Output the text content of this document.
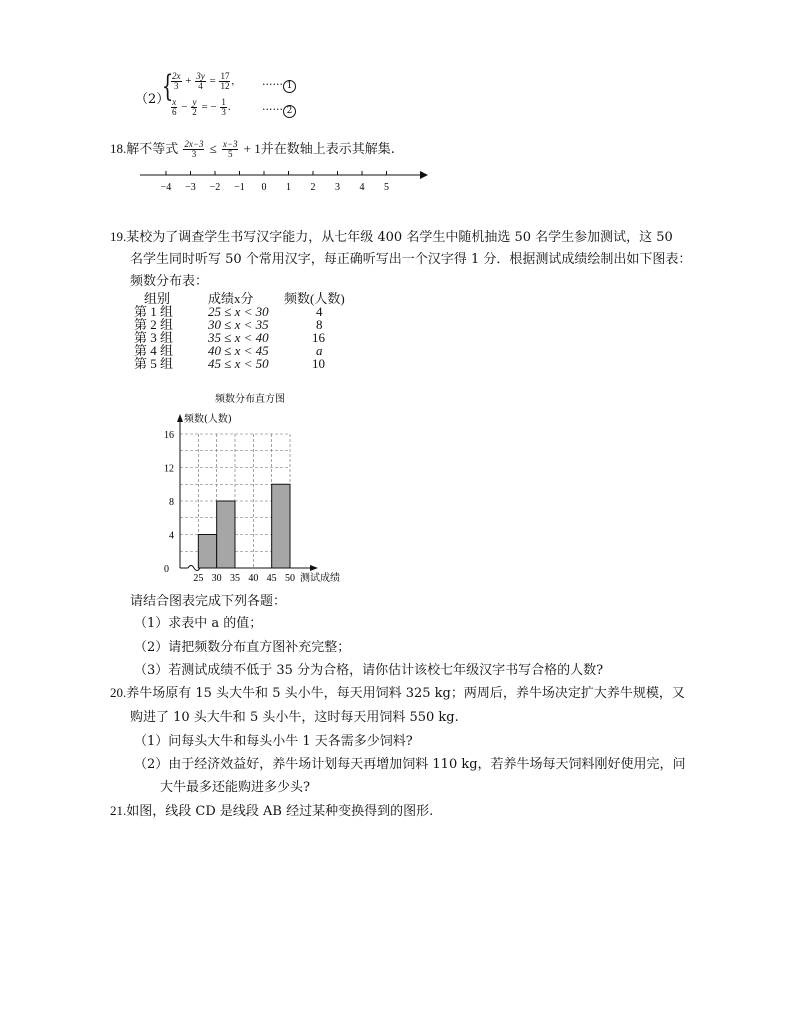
（2）
{
$\frac{2x}{3} + \frac{3y}{4} = \frac{17}{12}$ ,	······ 1
$\frac{x}{6} - \frac{y}{2}$ = − $\frac{1}{3}$ .	······ 2
18.解不等式 $\frac{2x-3}{3} \le \frac{x-3}{5} + 1$并在数轴上表示其解集.
−4 −3 −2 −1 0 1 2 3 4 5
19.某校为了调查学生书写汉字能力，从七年级 400 名学生中随机抽选 50 名学生参加测试，这 50
名学生同时听写 50 个常用汉字，每正确听写出一个汉字得 1 分．根据测试成绩绘制出如下图表：
频数分布表：
组别	成绩x分	频数(人数)
第 1 组	25 ≤ x < 30	4
第 2 组	30 ≤ x < 35	8
第 3 组	35 ≤ x < 40	16
第 4 组	40 ≤ x < 45	a
第 5 组	45 ≤ x < 50	10
频数分布直方图
频数(人数)
4
8
12
16
0
25 30 35 40 45 50 测试成绩
请结合图表完成下列各题：
（1）求表中 a 的值；
（2）请把频数分布直方图补充完整；
（3）若测试成绩不低于 35 分为合格，请你估计该校七年级汉字书写合格的人数?
20.养牛场原有 15 头大牛和 5 头小牛，每天用饲料 325 kg；两周后，养牛场决定扩大养牛规模，又
购进了 10 头大牛和 5 头小牛，这时每天用饲料 550 kg.
（1）问每头大牛和每头小牛 1 天各需多少饲料?
（2）由于经济效益好，养牛场计划每天再增加饲料 110 kg，若养牛场每天饲料刚好使用完，问
大牛最多还能购进多少头?
21.如图，线段 CD 是线段 AB 经过某种变换得到的图形.
